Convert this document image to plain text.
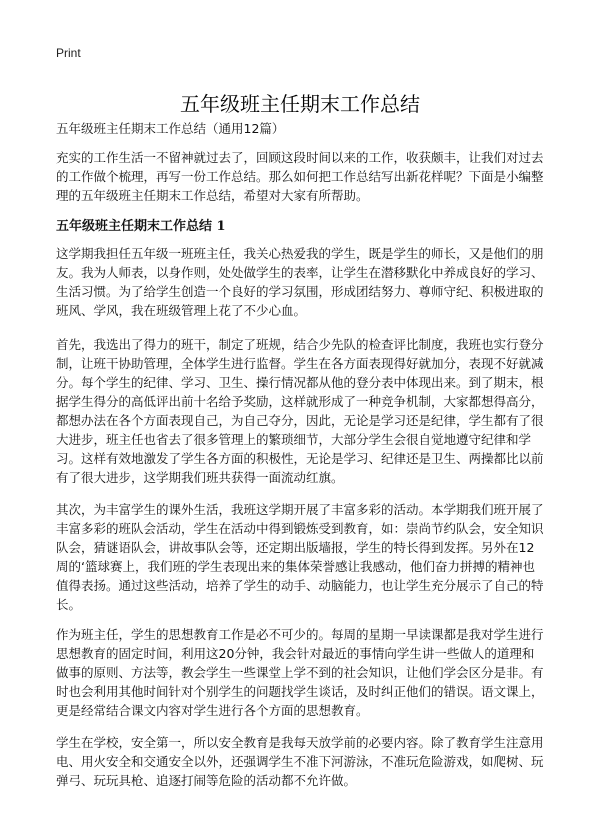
Print
五年级班主任期末工作总结
五年级班主任期末工作总结（通用12篇）

充实的工作生活一不留神就过去了，回顾这段时间以来的工作，收获颇丰，让我们对过去的工作做个梳理，再写一份工作总结。那么如何把工作总结写出新花样呢？下面是小编整理的五年级班主任期末工作总结，希望对大家有所帮助。

五年级班主任期末工作总结 1

这学期我担任五年级一班班主任，我关心热爱我的学生，既是学生的师长，又是他们的朋友。我为人师表，以身作则，处处做学生的表率，让学生在潜移默化中养成良好的学习、生活习惯。为了给学生创造一个良好的学习氛围，形成团结努力、尊师守纪、积极进取的班风、学风，我在班级管理上花了不少心血。

首先，我选出了得力的班干，制定了班规，结合少先队的检查评比制度，我班也实行登分制，让班干协助管理，全体学生进行监督。学生在各方面表现得好就加分，表现不好就减分。每个学生的纪律、学习、卫生、操行情况都从他的登分表中体现出来。到了期末，根据学生得分的高低评出前十名给予奖励，这样就形成了一种竞争机制，大家都想得高分，都想办法在各个方面表现自己，为自己夺分，因此，无论是学习还是纪律，学生都有了很大进步，班主任也省去了很多管理上的繁琐细节，大部分学生会很自觉地遵守纪律和学习。这样有效地激发了学生各方面的积极性，无论是学习、纪律还是卫生、两操都比以前有了很大进步，这学期我们班共获得一面流动红旗。

其次，为丰富学生的课外生活，我班这学期开展了丰富多彩的活动。本学期我们班开展了丰富多彩的班队会活动，学生在活动中得到锻炼受到教育，如：崇尚节约队会，安全知识队会，猜谜语队会，讲故事队会等，还定期出版墙报，学生的特长得到发挥。另外在12周的‘篮球赛上，我们班的学生表现出来的集体荣誉感让我感动，他们奋力拼搏的精神也值得表扬。通过这些活动，培养了学生的动手、动脑能力，也让学生充分展示了自己的特长。

作为班主任，学生的思想教育工作是必不可少的。每周的星期一早读课都是我对学生进行思想教育的固定时间，利用这20分钟，我会针对最近的事情向学生讲一些做人的道理和做事的原则、方法等，教会学生一些课堂上学不到的社会知识，让他们学会区分是非。有时也会利用其他时间针对个别学生的问题找学生谈话，及时纠正他们的错误。语文课上，更是经常结合课文内容对学生进行各个方面的思想教育。

学生在学校，安全第一，所以安全教育是我每天放学前的必要内容。除了教育学生注意用电、用火安全和交通安全以外，还强调学生不准下河游泳，不准玩危险游戏，如爬树、玩弹弓、玩玩具枪、追逐打闹等危险的活动都不允许做。
